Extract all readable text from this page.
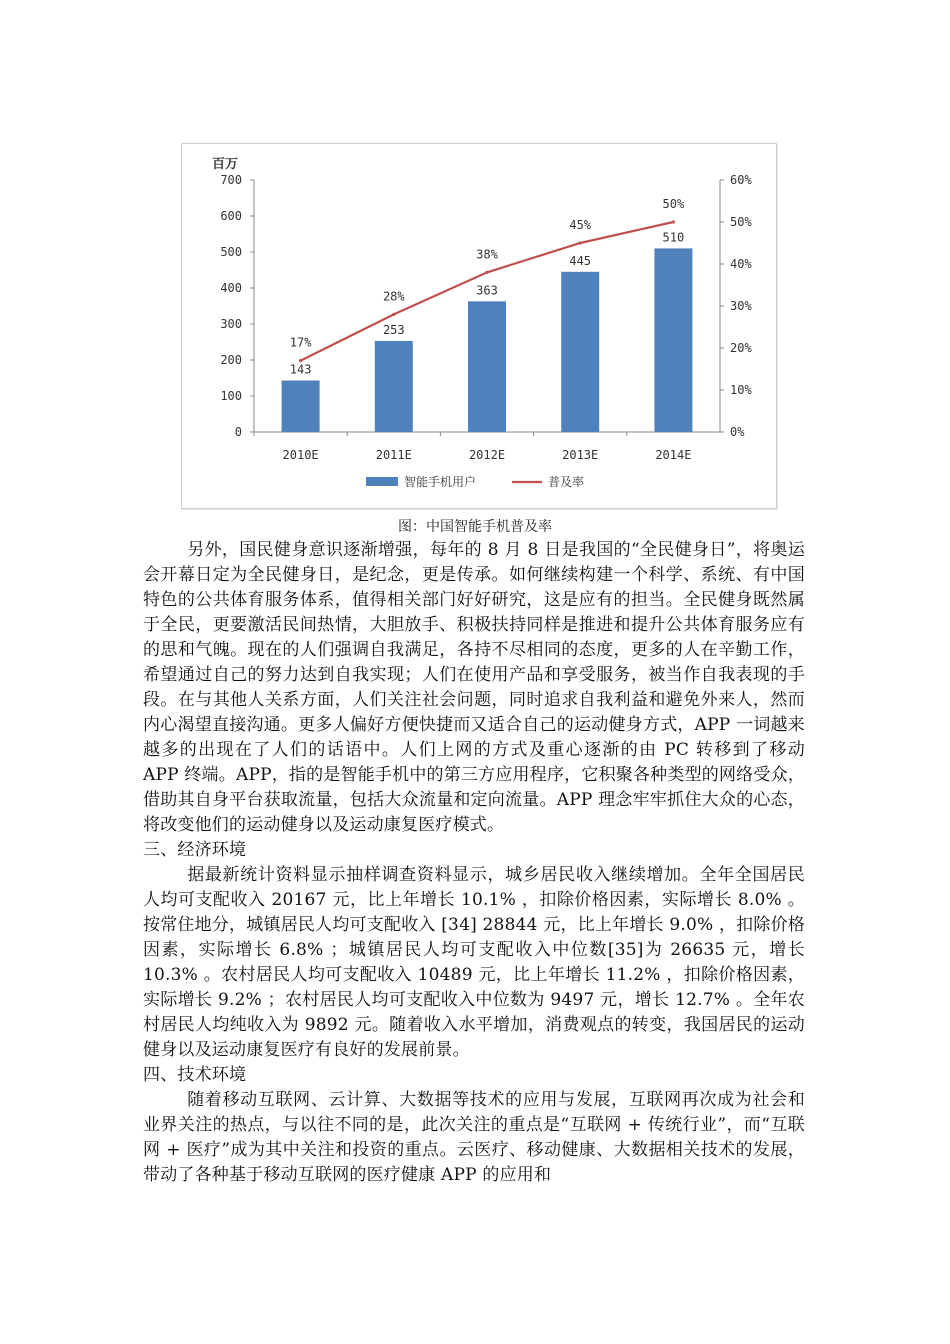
0
100
200
300
400
500
600
700
0%
10%
20%
30%
40%
50%
60%
百万
2010E	2011E	2012E	2013E	2014E
143
253
363
445
510
17%
28%
38%
45%
50%
智能手机用户	普及率
图：中国智能手机普及率

另外，国民健身意识逐渐增强，每年的 8 月 8 日是我国的“全民健身日”，将奥运会开幕日定为全民健身日，是纪念，更是传承。如何继续构建一个科学、系统、有中国特色的公共体育服务体系，值得相关部门好好研究，这是应有的担当。全民健身既然属于全民，更要激活民间热情，大胆放手、积极扶持同样是推进和提升公共体育服务应有的思和气魄。现在的人们强调自我满足，各持不尽相同的态度，更多的人在辛勤工作，希望通过自己的努力达到自我实现；人们在使用产品和享受服务，被当作自我表现的手段。在与其他人关系方面，人们关注社会问题，同时追求自我利益和避免外来人，然而内心渴望直接沟通。更多人偏好方便快捷而又适合自己的运动健身方式，APP 一词越来越多的出现在了人们的话语中。人们上网的方式及重心逐渐的由 PC 转移到了移动 APP 终端。APP，指的是智能手机中的第三方应用程序，它积聚各种类型的网络受众，借助其自身平台获取流量，包括大众流量和定向流量。APP 理念牢牢抓住大众的心态，将改变他们的运动健身以及运动康复医疗模式。

三、经济环境

据最新统计资料显示抽样调查资料显示，城乡居民收入继续增加。全年全国居民人均可支配收入 20167 元，比上年增长 10.1% ，扣除价格因素，实际增长 8.0% 。按常住地分，城镇居民人均可支配收入 [34] 28844 元，比上年增长 9.0% ，扣除价格因素，实际增长 6.8% ；城镇居民人均可支配收入中位数[35]为 26635 元，增长 10.3% 。农村居民人均可支配收入 10489 元，比上年增长 11.2% ，扣除价格因素，实际增长 9.2% ；农村居民人均可支配收入中位数为 9497 元，增长 12.7% 。全年农村居民人均纯收入为 9892 元。随着收入水平增加，消费观点的转变，我国居民的运动健身以及运动康复医疗有良好的发展前景。

四、技术环境

随着移动互联网、云计算、大数据等技术的应用与发展，互联网再次成为社会和业界关注的热点，与以往不同的是，此次关注的重点是“互联网 + 传统行业”，而“互联网 + 医疗”成为其中关注和投资的重点。云医疗、移动健康、大数据相关技术的发展，带动了各种基于移动互联网的医疗健康 APP 的应用和
